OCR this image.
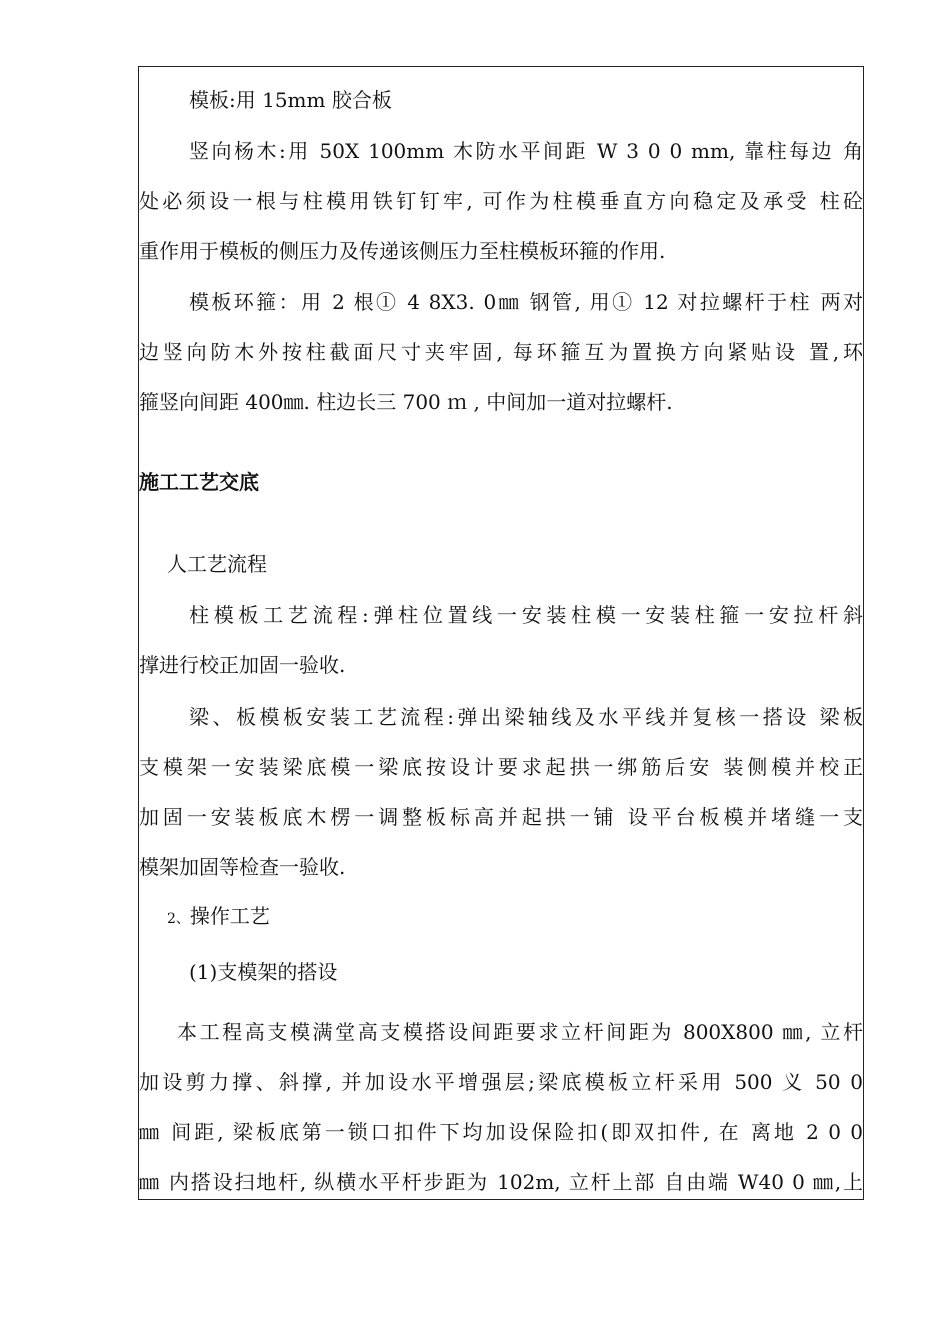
模板:用 15mm 胶合板
竖向杨木:用 50X 100mm 木防水平间距 W 3 0 0 mm, 靠柱每边 角
处必须设一根与柱模用铁钉钉牢, 可作为柱模垂直方向稳定及承受 柱砼
重作用于模板的侧压力及传递该侧压力至柱模板环箍的作用.
模板环箍：用 2 根① 4 8X3. 0㎜ 钢管, 用① 12 对拉螺杆于柱 两对
边竖向防木外按柱截面尺寸夹牢固, 每环箍互为置换方向紧贴设 置,环
箍竖向间距 400㎜. 柱边长三 700 ｍ , 中间加一道对拉螺杆.
施工工艺交底
人工艺流程
柱模板工艺流程:弹柱位置线一安装柱模一安装柱箍一安拉杆斜
撑进行校正加固一验收.
梁、板模板安装工艺流程:弹出梁轴线及水平线并复核一搭设 梁板
支模架一安装梁底模一梁底按设计要求起拱一绑筋后安 装侧模并校正
加固一安装板底木楞一调整板标高并起拱一铺 设平台板模并堵缝一支
模架加固等检查一验收.
2、操作工艺
(1)支模架的搭设
本工程高支模满堂高支模搭设间距要求立杆间距为 800X800 ㎜, 立杆
加设剪力撑、斜撑, 并加设水平增强层;梁底模板立杆采用 500 义 50 0
㎜ 间距, 梁板底第一锁口扣件下均加设保险扣(即双扣件, 在 离地 2 0 0
㎜ 内搭设扫地杆, 纵横水平杆步距为 102m, 立杆上部 自由端 W40 0 ㎜,上
